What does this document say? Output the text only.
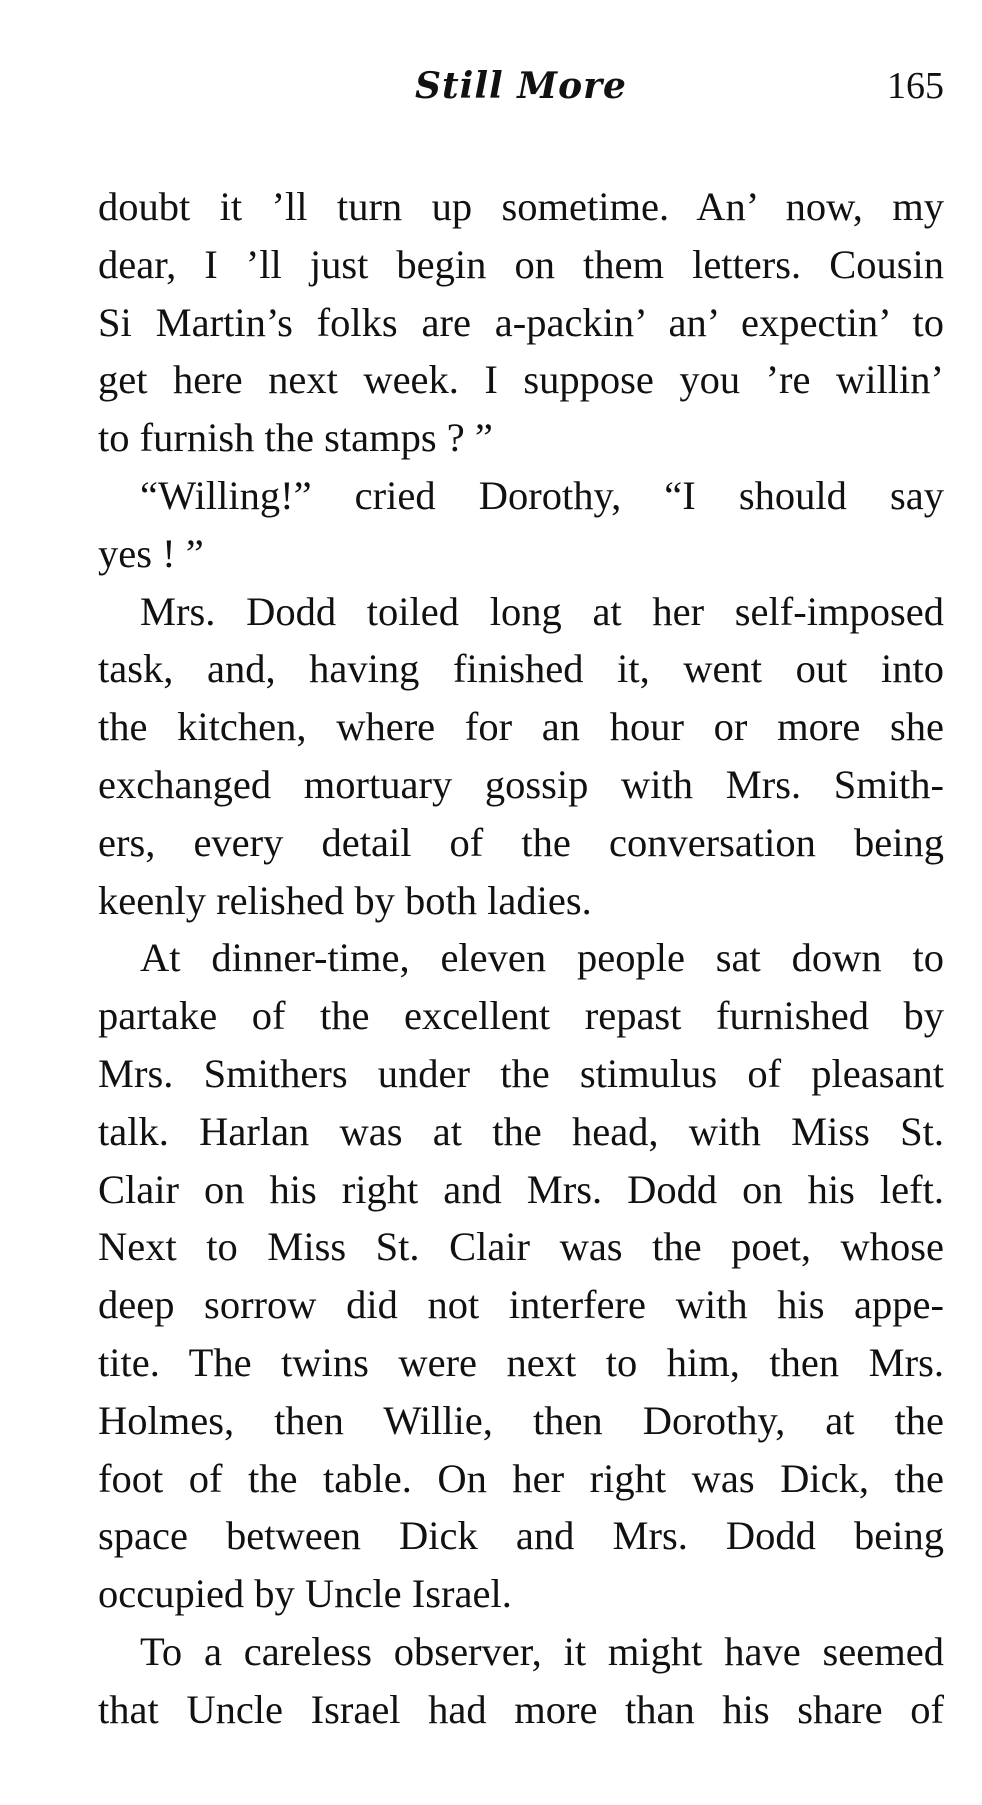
Still More	165

doubt it ’ll turn up sometime. An’ now, my
dear, I ’ll just begin on them letters. Cousin
Si Martin’s folks are a-packin’ an’ expectin’ to
get here next week. I suppose you ’re willin’
to furnish the stamps ? ”

“Willing!” cried Dorothy, “I should say
yes ! ”

Mrs. Dodd toiled long at her self-imposed
task, and, having finished it, went out into
the kitchen, where for an hour or more she
exchanged mortuary gossip with Mrs. Smith-
ers, every detail of the conversation being
keenly relished by both ladies.

At dinner-time, eleven people sat down to
partake of the excellent repast furnished by
Mrs. Smithers under the stimulus of pleasant
talk. Harlan was at the head, with Miss St.
Clair on his right and Mrs. Dodd on his left.
Next to Miss St. Clair was the poet, whose
deep sorrow did not interfere with his appe-
tite. The twins were next to him, then Mrs.
Holmes, then Willie, then Dorothy, at the
foot of the table. On her right was Dick, the
space between Dick and Mrs. Dodd being
occupied by Uncle Israel.

To a careless observer, it might have seemed
that Uncle Israel had more than his share of
